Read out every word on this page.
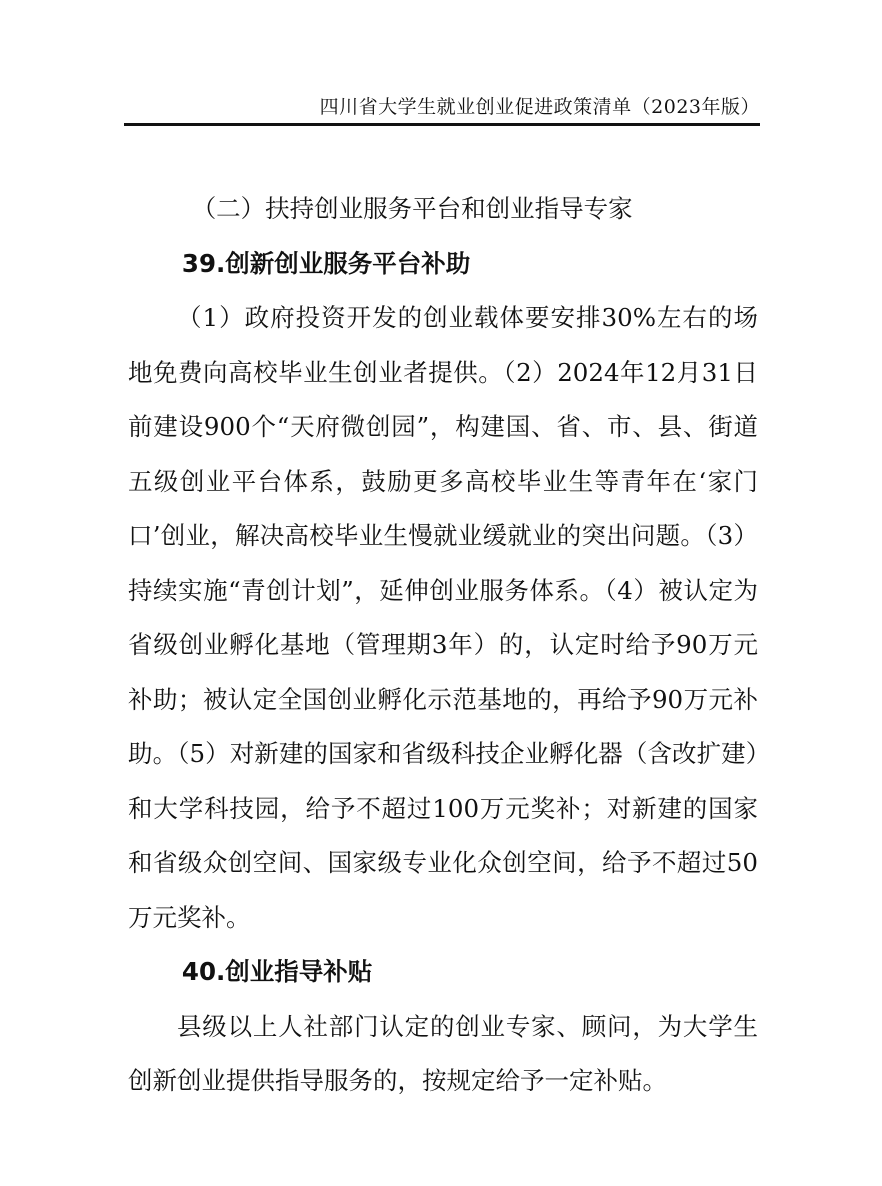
四川省大学生就业创业促进政策清单（2023年版）

（二）扶持创业服务平台和创业指导专家

39.创新创业服务平台补助

（1）政府投资开发的创业载体要安排30%左右的场地免费向高校毕业生创业者提供。（2）2024年12月31日前建设900个“天府微创园”，构建国、省、市、县、街道五级创业平台体系，鼓励更多高校毕业生等青年在‘家门口’创业，解决高校毕业生慢就业缓就业的突出问题。（3）持续实施“青创计划”，延伸创业服务体系。（4）被认定为省级创业孵化基地（管理期3年）的，认定时给予90万元补助；被认定全国创业孵化示范基地的，再给予90万元补助。（5）对新建的国家和省级科技企业孵化器（含改扩建）和大学科技园，给予不超过100万元奖补；对新建的国家和省级众创空间、国家级专业化众创空间，给予不超过50万元奖补。

40.创业指导补贴

县级以上人社部门认定的创业专家、顾问，为大学生创新创业提供指导服务的，按规定给予一定补贴。
